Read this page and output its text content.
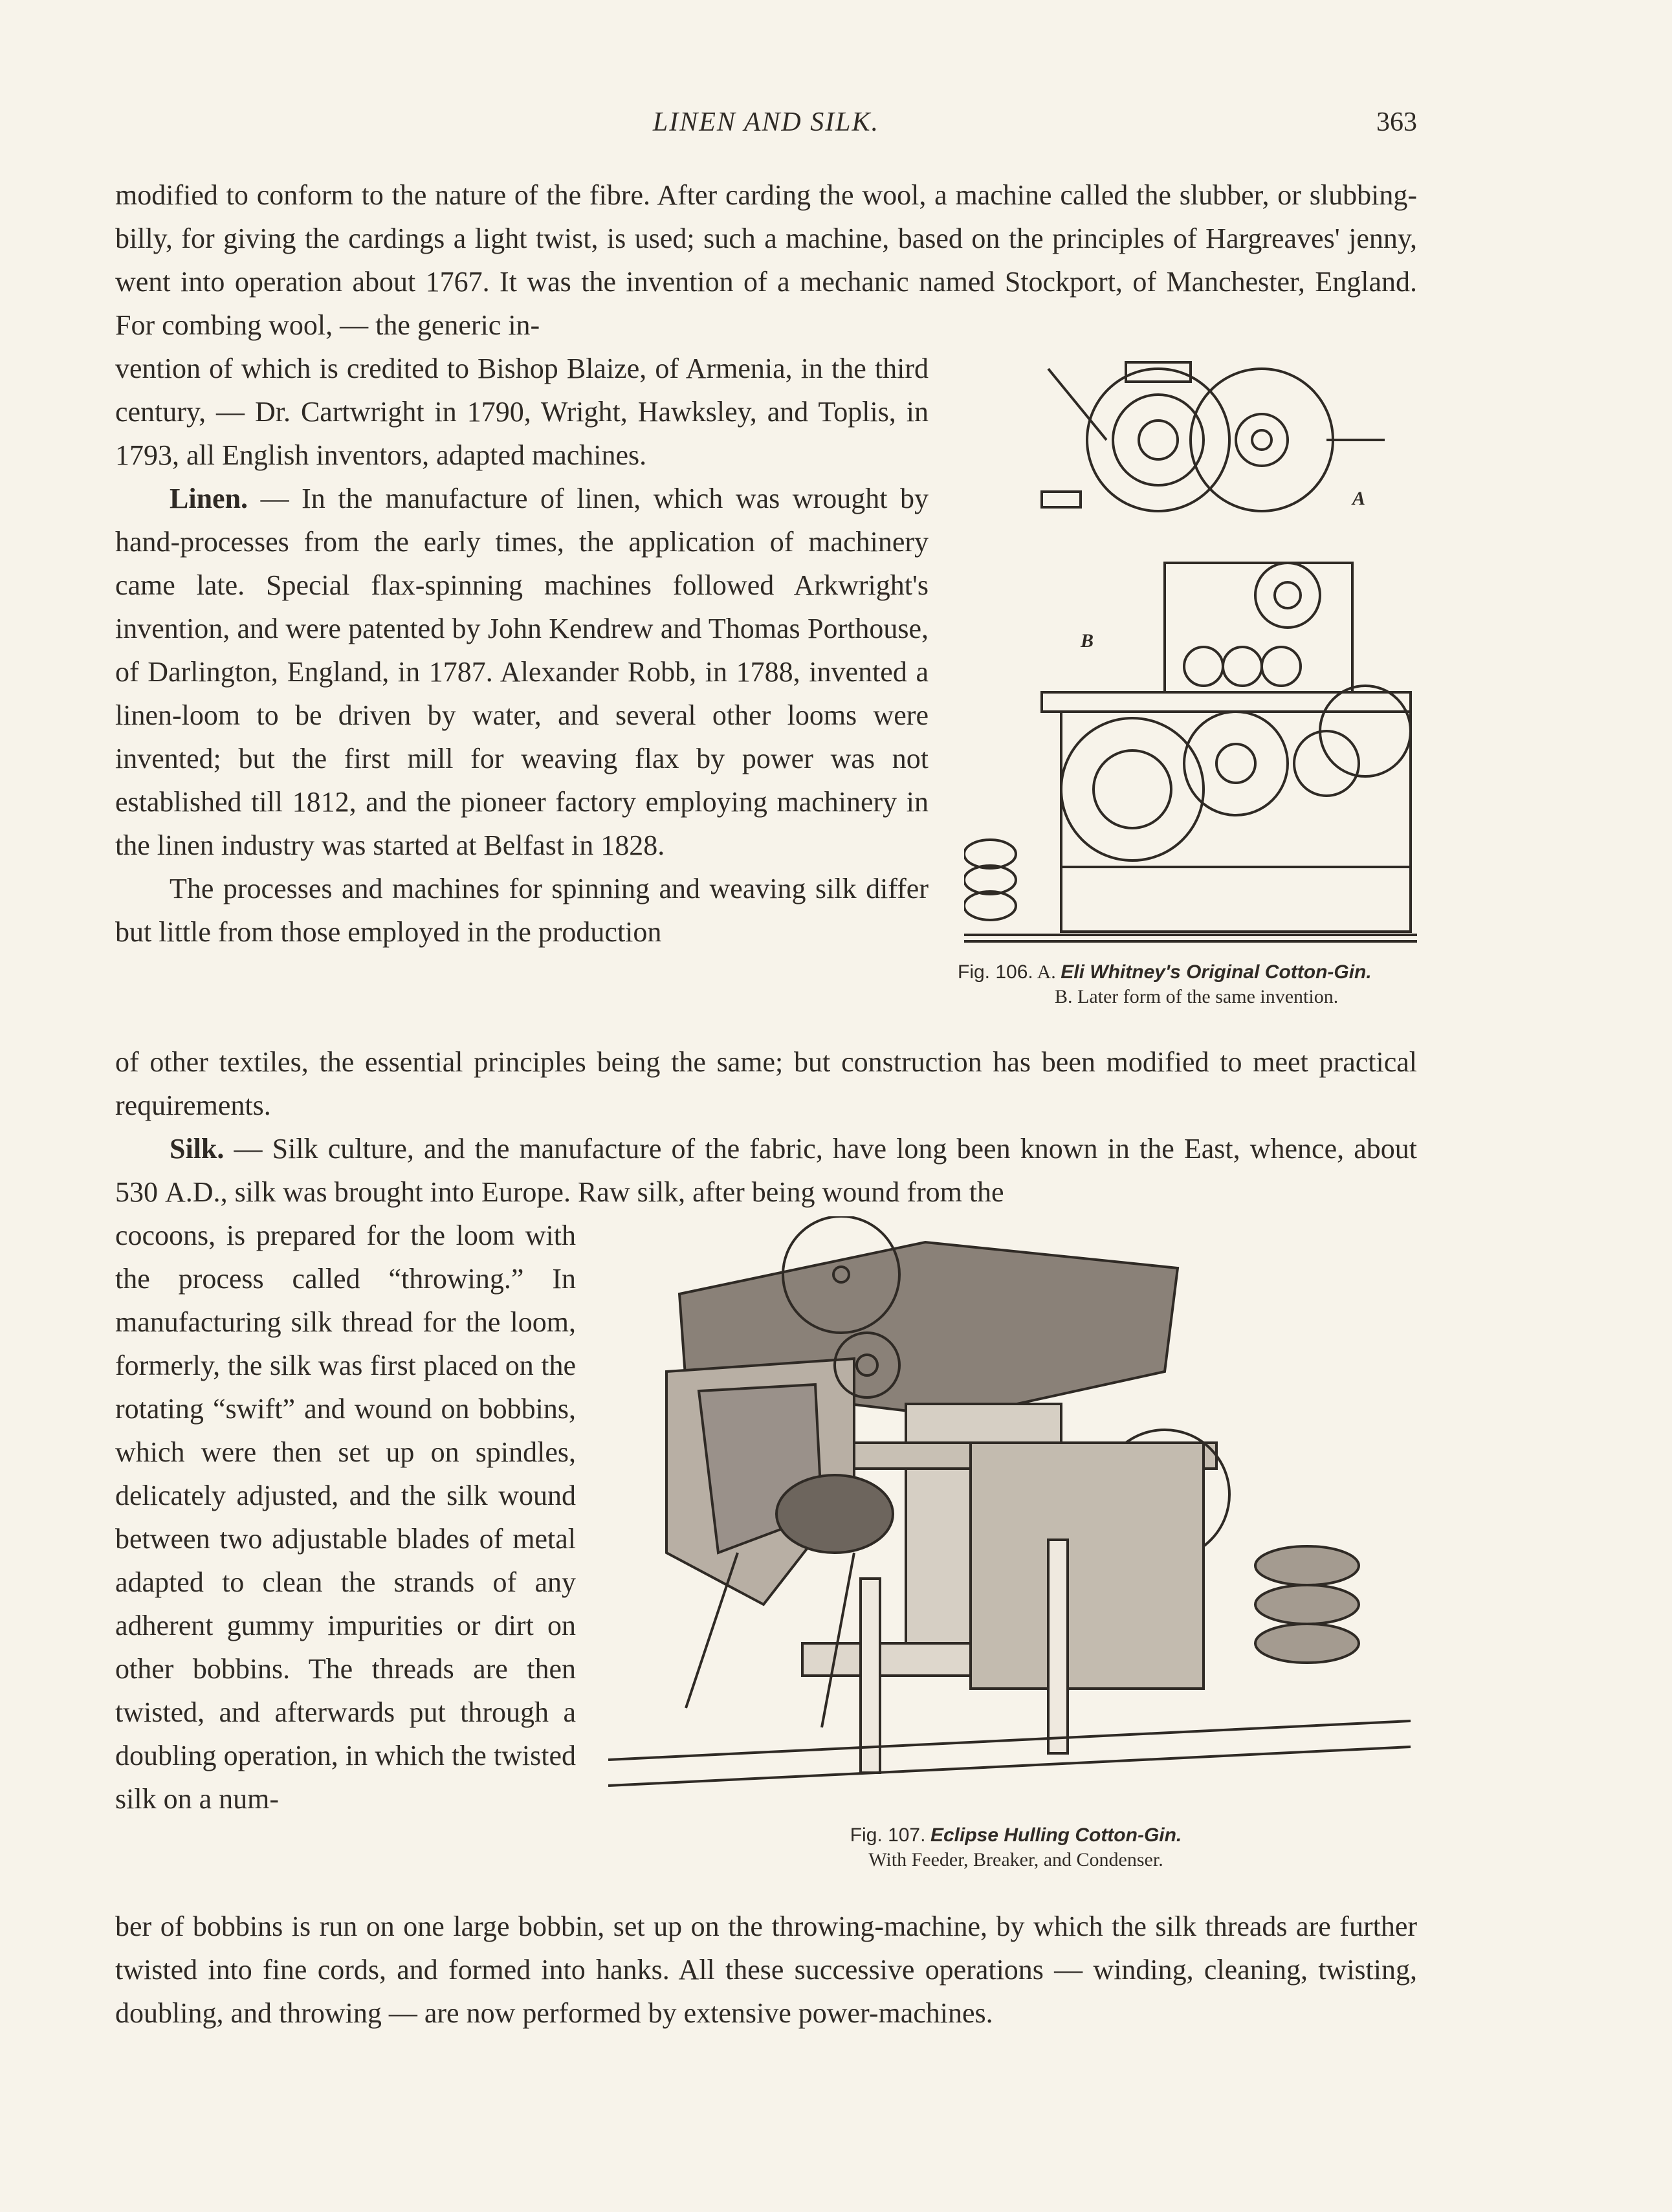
LINEN AND SILK.	363

modified to conform to the nature of the fibre. After carding the wool, a machine called the slubber, or slubbing-billy, for giving the cardings a light twist, is used; such a machine, based on the principles of Hargreaves' jenny, went into operation about 1767. It was the invention of a mechanic named Stockport, of Manchester, England. For combing wool, — the generic in-

vention of which is credited to Bishop Blaize, of Armenia, in the third century, — Dr. Cartwright in 1790, Wright, Hawksley, and Toplis, in 1793, all English inventors, adapted machines.

Linen. — In the manufacture of linen, which was wrought by hand-processes from the early times, the application of machinery came late. Special flax-spinning machines followed Arkwright's invention, and were patented by John Kendrew and Thomas Porthouse, of Darlington, England, in 1787. Alexander Robb, in 1788, invented a linen-loom to be driven by water, and several other looms were invented; but the first mill for weaving flax by power was not established till 1812, and the pioneer factory employing machinery in the linen industry was started at Belfast in 1828.

The processes and machines for spinning and weaving silk differ but little from those employed in the production

of other textiles, the essential principles being the same; but construction has been modified to meet practical requirements.

Silk. — Silk culture, and the manufacture of the fabric, have long been known in the East, whence, about 530 A.D., silk was brought into Europe. Raw silk, after being wound from the

cocoons, is prepared for the loom with the process called “throwing.” In manufacturing silk thread for the loom, formerly, the silk was first placed on the rotating “swift” and wound on bobbins, which were then set up on spindles, delicately adjusted, and the silk wound between two adjustable blades of metal adapted to clean the strands of any adherent gummy impurities or dirt on other bobbins. The threads are then twisted, and afterwards put through a doubling operation, in which the twisted silk on a num-

ber of bobbins is run on one large bobbin, set up on the throwing-machine, by which the silk threads are further twisted into fine cords, and formed into hanks. All these successive operations — winding, cleaning, twisting, doubling, and throwing — are now performed by extensive power-machines.

A
B
Fig. 106. A. Eli Whitney's Original Cotton-Gin.
B. Later form of the same invention.
Fig. 107. Eclipse Hulling Cotton-Gin.
With Feeder, Breaker, and Condenser.
